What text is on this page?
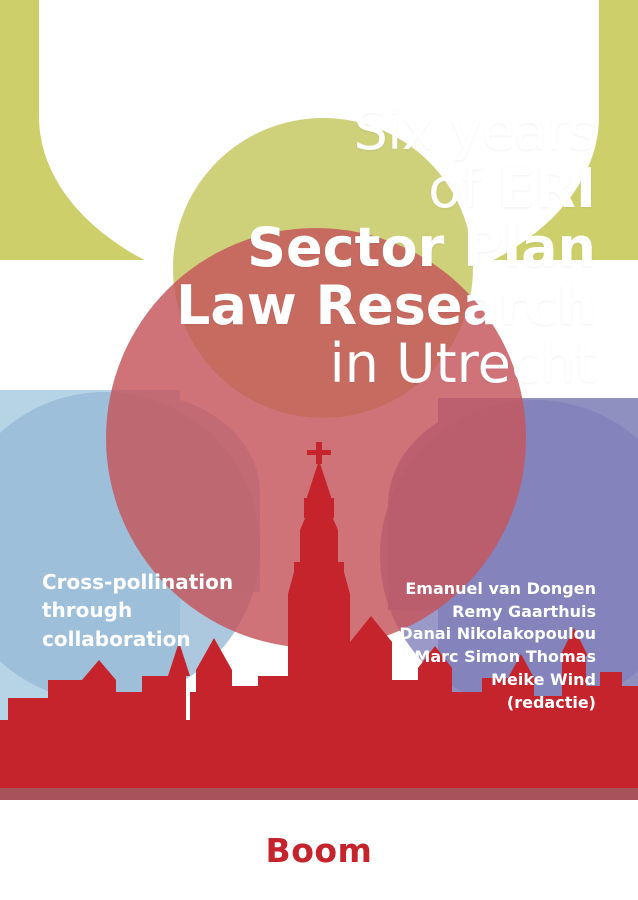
Six years
of ERI
Sector Plan
Law Research
in Utrecht
Cross-pollination through collaboration
Emanuel van Dongen
Remy Gaarthuis
Danai Nikolakopoulou
Marc Simon Thomas
Meike Wind
(redactie)
Boom
